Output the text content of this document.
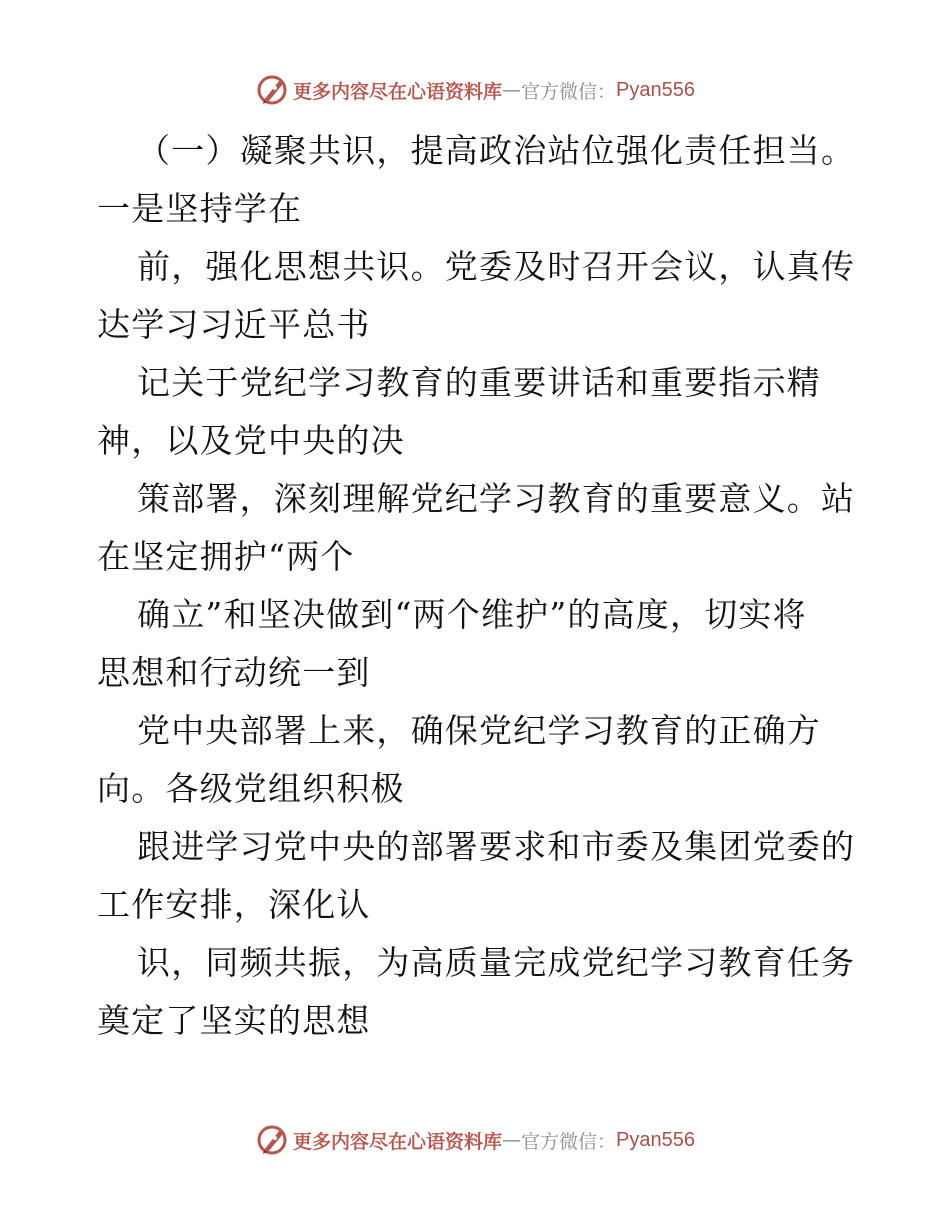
更多内容尽在心语资料库 — 官方微信： Pyan556
（一）凝聚共识，提高政治站位强化责任担当。
一是坚持学在
前，强化思想共识。党委及时召开会议，认真传
达学习习近平总书
记关于党纪学习教育的重要讲话和重要指示精
神，以及党中央的决
策部署，深刻理解党纪学习教育的重要意义。站
在坚定拥护“两个
确立”和坚决做到“两个维护”的高度，切实将
思想和行动统一到
党中央部署上来，确保党纪学习教育的正确方
向。各级党组织积极
跟进学习党中央的部署要求和市委及集团党委的
工作安排，深化认
识，同频共振，为高质量完成党纪学习教育任务
奠定了坚实的思想
更多内容尽在心语资料库 — 官方微信： Pyan556
